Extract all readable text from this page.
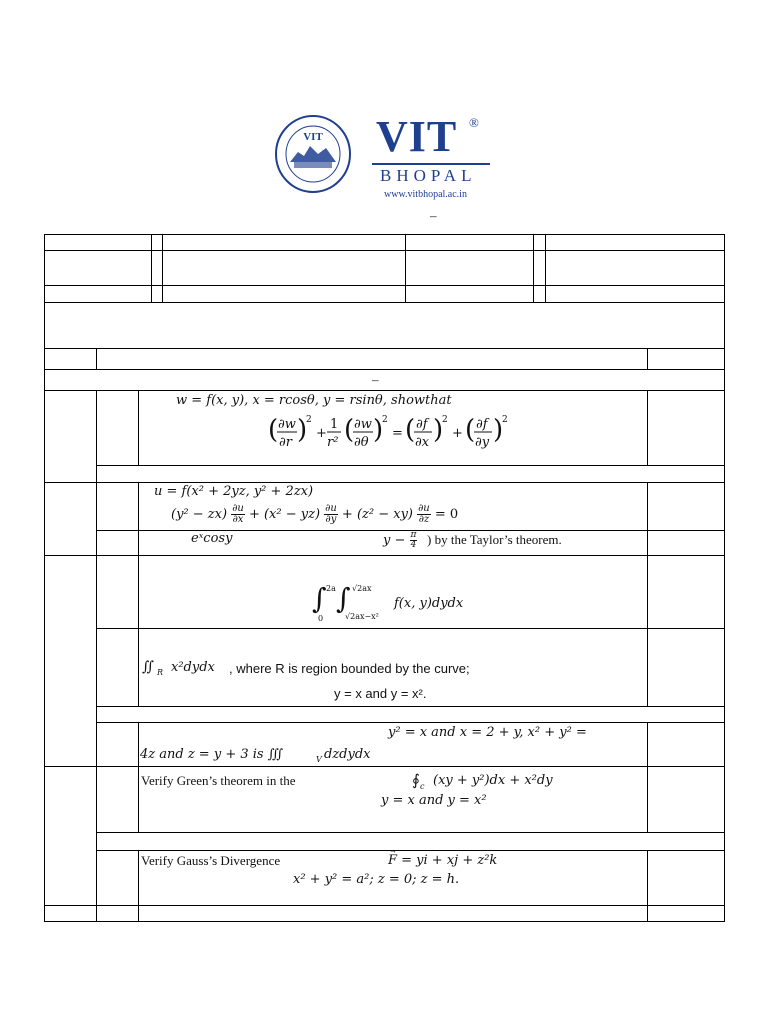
VIT VIT ®
BHOPAL
www.vitbhopal.ac.in
–
–
w = f(x, y), x = rcosθ, y = rsinθ, showthat
( ∂w
∂r )
2
+
1
r² ( ∂w
∂θ )
2
= ( ∂f
∂x )
2
+ ( ∂f
∂y )
2
u = f(x² + 2yz, y² + 2zx)
$(y^2 - zx) \frac{\partial u}{\partial x} + (x^2 - yz) \frac{\partial u}{\partial y} + (z^2 - xy) \frac{\partial u}{\partial z} = 0$
eˣcosy	$y - \frac{\pi}{4}$ ) by the Taylor’s theorem.
∫ 2a
0
∫ √2ax
√2ax−x²
f(x, y)dydx
∬ R x²dydx , where R is region bounded by the curve;
y = x and y = x².
y² = x and x = 2 + y, x² + y² =
4z and z = y + 3 is ∭	V dzdydx
Verify Green’s theorem in the	∮ c (xy + y²)dx + x²dy
y = x and y = x²
Verify Gauss’s Divergence	F = yi + xj + z²k
→
x² + y² = a²; z = 0; z = h.
